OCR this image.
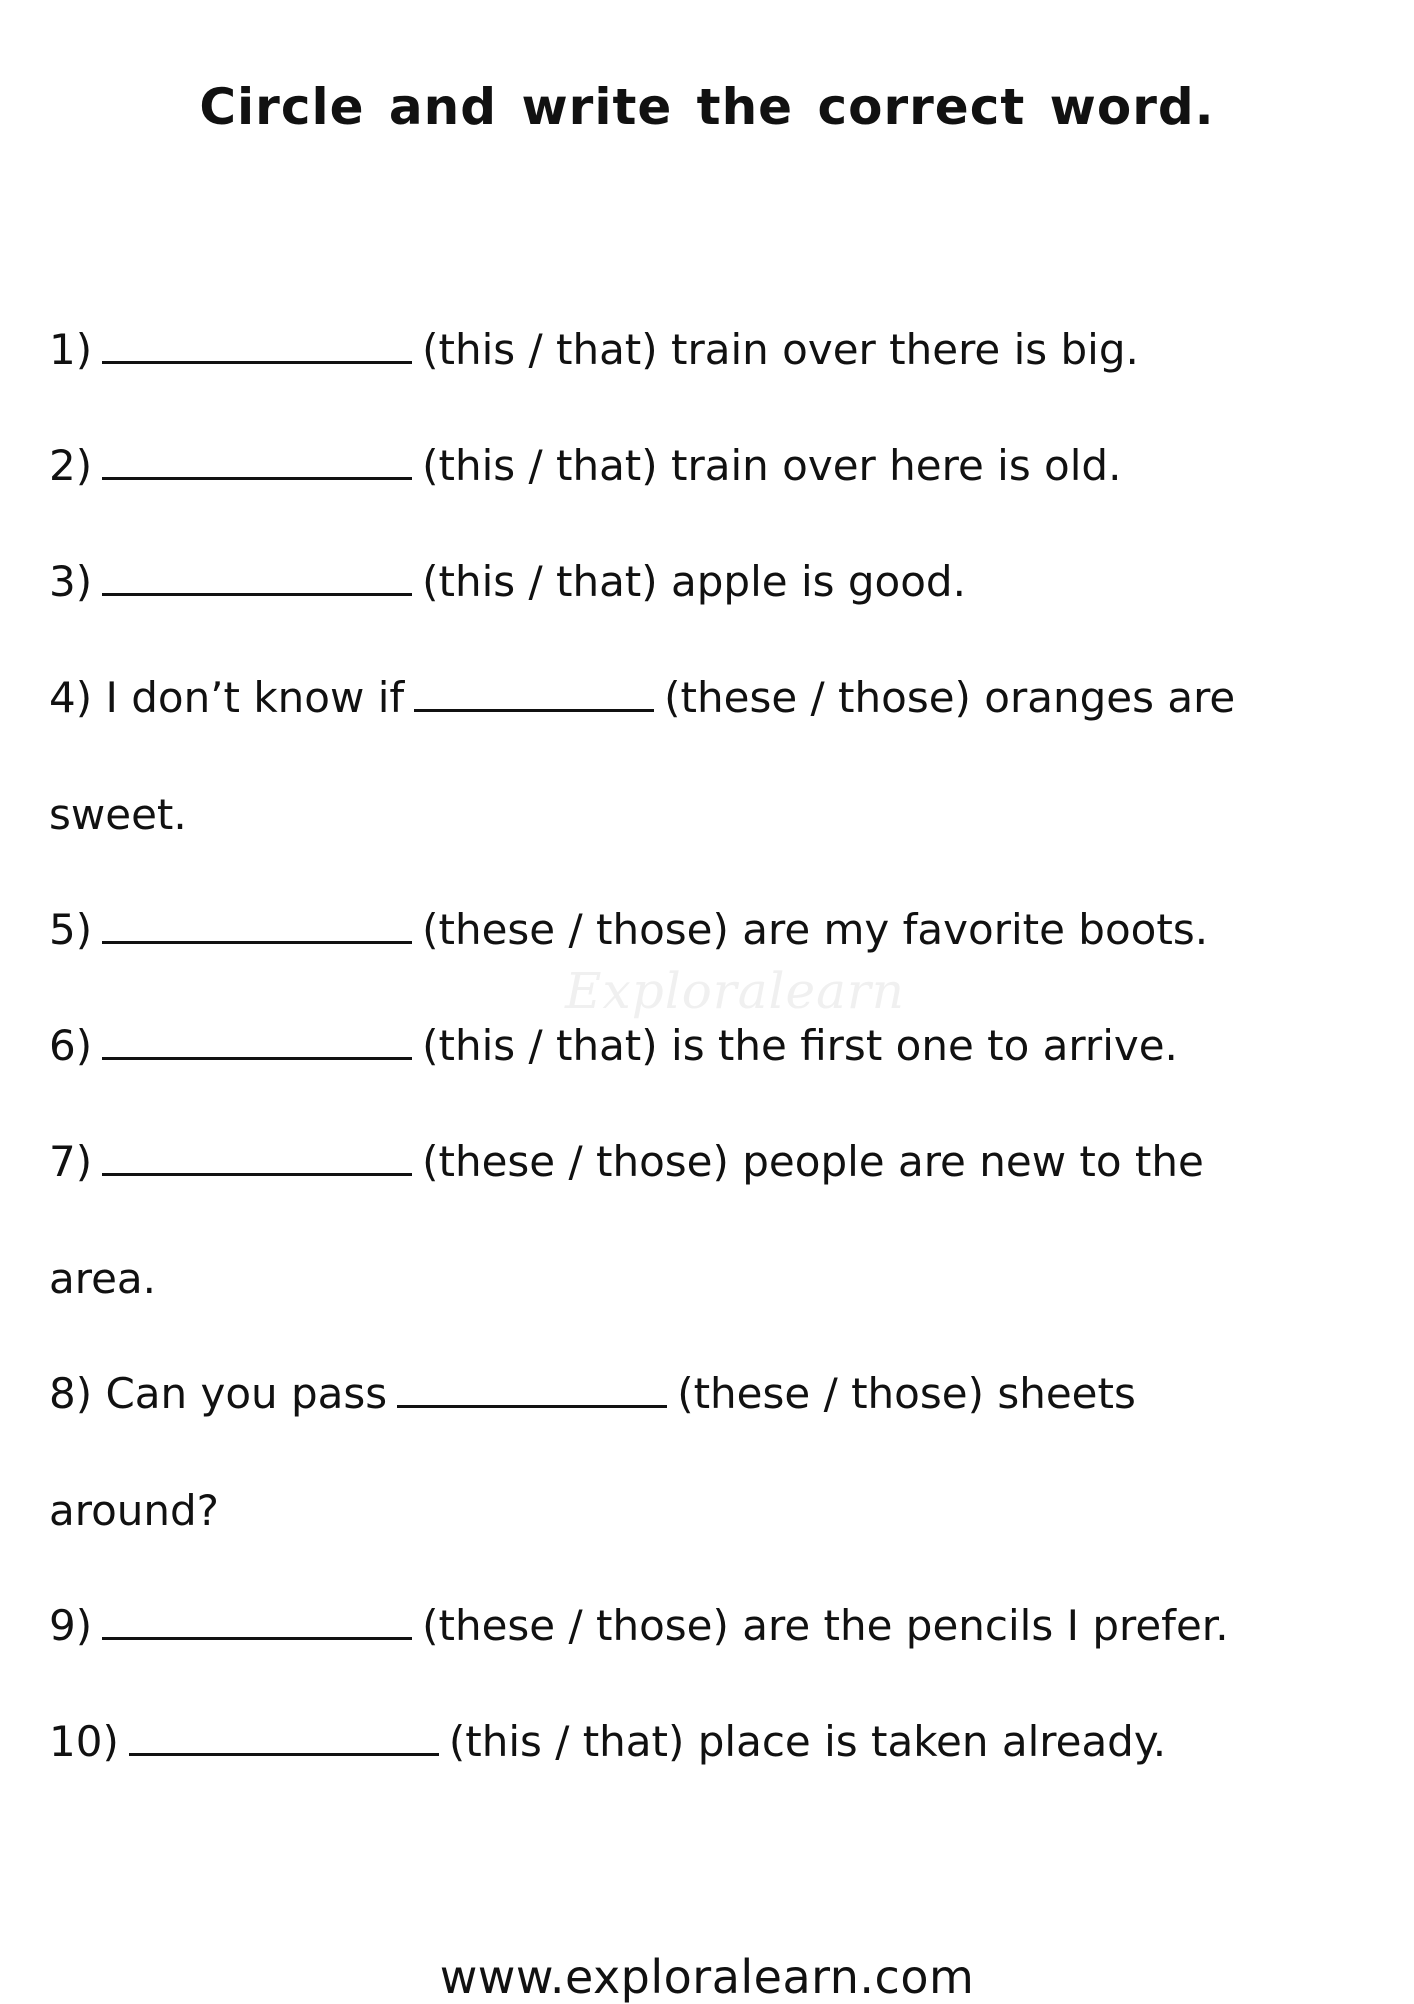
Circle and write the correct word.
Exploralearn
1)	(this / that) train over there is big.
2)	(this / that) train over here is old.
3)	(this / that) apple is good.
4) I don’t know if	(these / those) oranges are
sweet.
5)	(these / those) are my favorite boots.
6)	(this / that) is the first one to arrive.
7)	(these / those) people are new to the
area.
8) Can you pass	(these / those) sheets
around?
9)	(these / those) are the pencils I prefer.
10)	(this / that) place is taken already.
www.exploralearn.com
